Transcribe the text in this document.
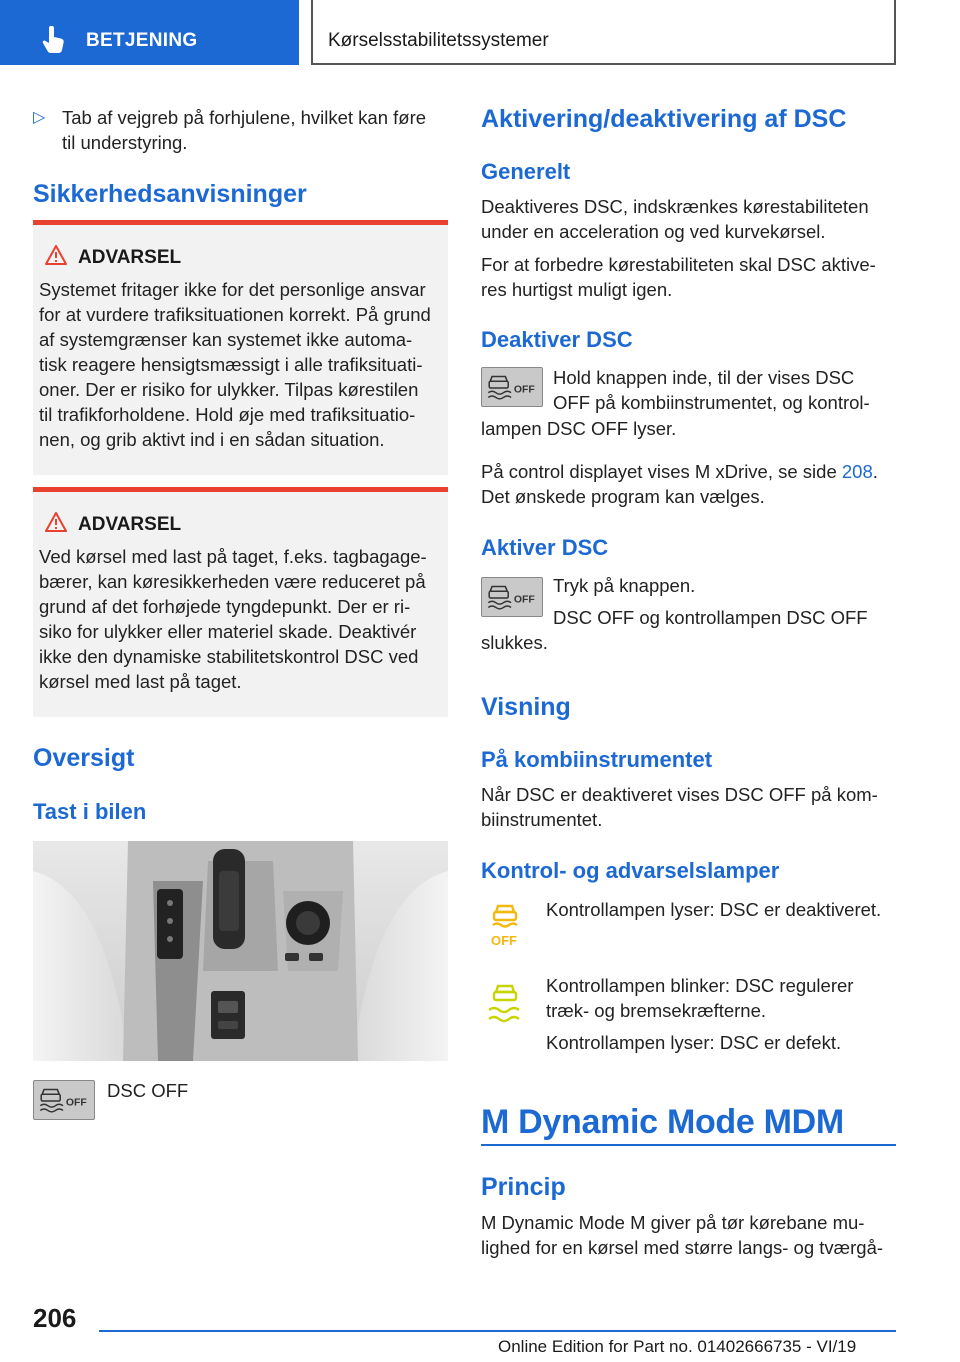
BETJENING	Kørselsstabilitetssystemer
▷ Tab af vejgreb på forhjulene, hvilket kan føre
til understyring.
Sikkerhedsanvisninger
ADVARSEL
Systemet fritager ikke for det personlige ansvar
for at vurdere trafiksituationen korrekt. På grund
af systemgrænser kan systemet ikke automa-
tisk reagere hensigtsmæssigt i alle trafiksituati-
oner. Der er risiko for ulykker. Tilpas kørestilen
til trafikforholdene. Hold øje med trafiksituatio-
nen, og grib aktivt ind i en sådan situation.
ADVARSEL
Ved kørsel med last på taget, f.eks. tagbagage-
bærer, kan køresikkerheden være reduceret på
grund af det forhøjede tyngdepunkt. Der er ri-
siko for ulykker eller materiel skade. Deaktivér
ikke den dynamiske stabilitetskontrol DSC ved
kørsel med last på taget.
Oversigt
Tast i bilen
OFF
DSC OFF
Aktivering/deaktivering af DSC
Generelt
Deaktiveres DSC, indskrænkes kørestabiliteten
under en acceleration og ved kurvekørsel.
For at forbedre kørestabiliteten skal DSC aktive-
res hurtigst muligt igen.
Deaktiver DSC
OFF
Hold knappen inde, til der vises DSC
OFF på kombiinstrumentet, og kontrol-
lampen DSC OFF lyser.
På control displayet vises M xDrive, se side 208.
Det ønskede program kan vælges.
Aktiver DSC
OFF
Tryk på knappen.
DSC OFF og kontrollampen DSC OFF
slukkes.
Visning
På kombiinstrumentet
Når DSC er deaktiveret vises DSC OFF på kom-
biinstrumentet.
Kontrol- og advarselslamper
OFF
Kontrollampen lyser: DSC er deaktiveret.
Kontrollampen blinker: DSC regulerer
træk- og bremsekræfterne.
Kontrollampen lyser: DSC er defekt.
M Dynamic Mode MDM
Princip
M Dynamic Mode M giver på tør kørebane mu-
lighed for en kørsel med større langs- og tværgå-
206
Online Edition for Part no. 01402666735 - VI/19
